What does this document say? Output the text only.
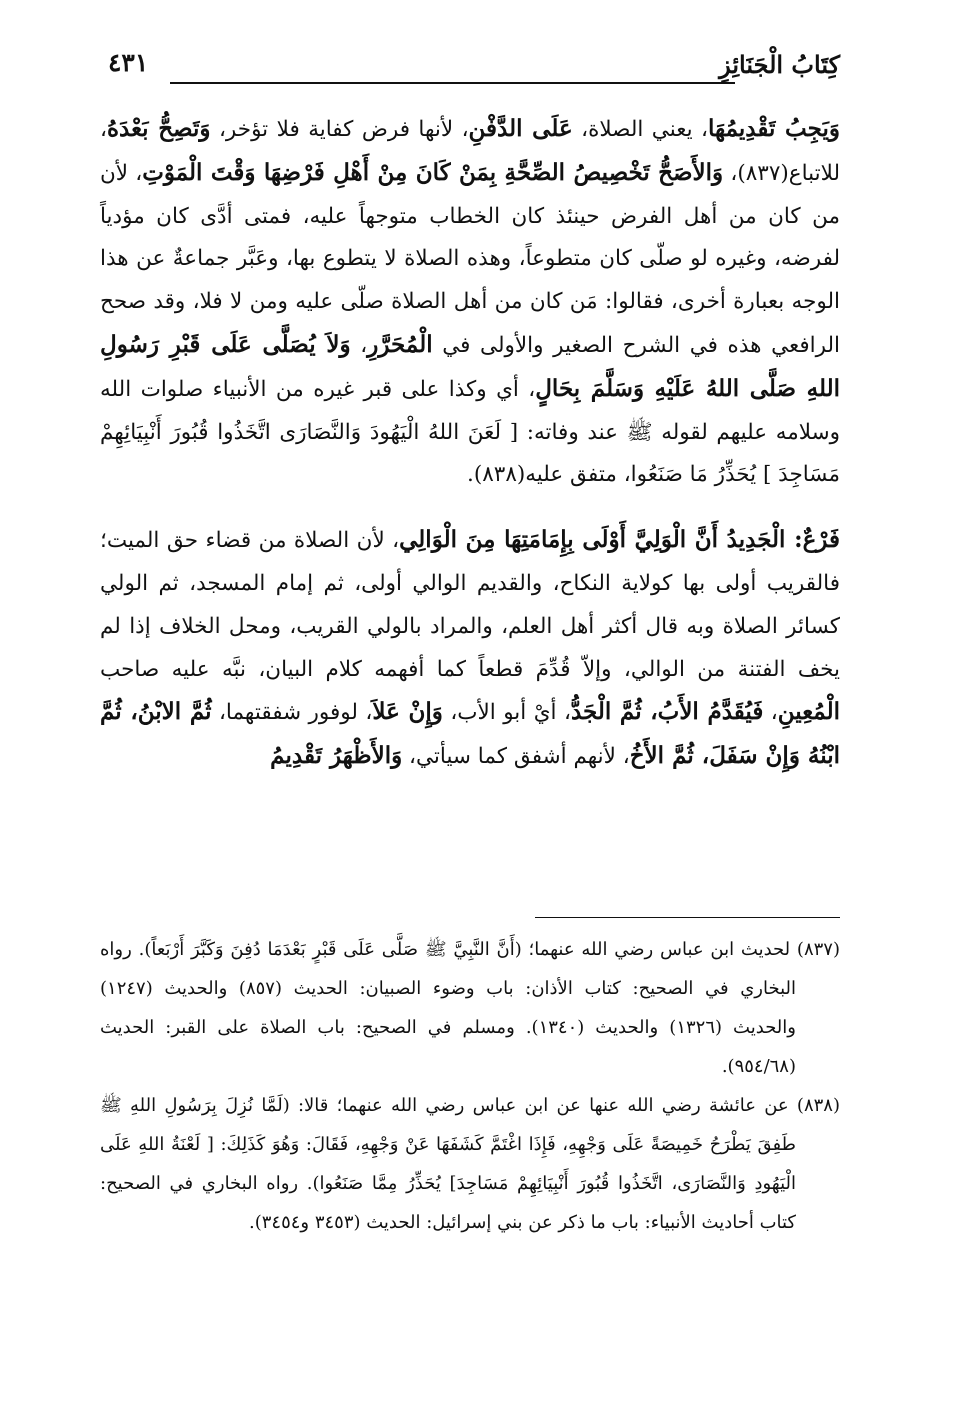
كِتَابُ الْجَنَائِزِ
٤٣١

وَيَجِبُ تَقْدِيمُهَا، يعني الصلاة، عَلَى الدَّفْنِ، لأنها فرض كفاية فلا تؤخر، وَتَصِحُّ بَعْدَهُ، للاتباع(٨٣٧)، وَالأَصَحُّ تَخْصِيصُ الصِّحَّةِ بِمَنْ كَانَ مِنْ أَهْلِ فَرْضِهَا وَقْتَ الْمَوْتِ، لأن من كان من أهل الفرض حينئذ كان الخطاب متوجهاً عليه، فمتى أدَّى كان مؤدياً لفرضه، وغيره لو صلّى كان متطوعاً، وهذه الصلاة لا يتطوع بها، وعَبَّر جماعةٌ عن هذا الوجه بعبارة أخرى، فقالوا: مَن كان من أهل الصلاة صلّى عليه ومن لا فلا، وقد صحح الرافعي هذه في الشرح الصغير والأولى في الْمُحَرَّرِ، وَلاَ يُصَلَّى عَلَى قَبْرِ رَسُولِ اللهِ صَلَّى اللهُ عَلَيْهِ وَسَلَّمَ بِحَالٍ، أي وكذا على قبر غيره من الأنبياء صلوات الله وسلامه عليهم لقوله ﷺ عند وفاته: [ لَعَنَ اللهُ الْيَهُودَ وَالنَّصَارَى اتَّخَذُوا قُبُورَ أَنْبِيَائِهِمْ مَسَاجِدَ ] يُحَذِّرُ مَا صَنَعُوا، متفق عليه(٨٣٨).

فَرْعٌ: الْجَدِيدُ أَنَّ الْوَلِيَّ أَوْلَى بِإِمَامَتِهَا مِنَ الْوَالِي، لأن الصلاة من قضاء حق الميت؛ فالقريب أولى بها كولاية النكاح، والقديم الوالي أولى، ثم إمام المسجد، ثم الولي كسائر الصلاة وبه قال أكثر أهل العلم، والمراد بالولي القريب، ومحل الخلاف إذا لم يخف الفتنة من الوالي، وإلاّ قُدِّمَ قطعاً كما أفهمه كلام البيان، نبَّه عليه صاحب الْمُعِينِ، فَيُقَدَّمُ الأَبُ، ثُمَّ الْجَدُّ، أيْ أبو الأب، وَإِنْ عَلاَ، لوفور شفقتهما، ثُمَّ الابْنُ، ثُمَّ ابْنُهُ وَإِنْ سَفَلَ، ثُمَّ الأَخُ، لأنهم أشفق كما سيأتي، وَالأَظْهَرُ تَقْدِيمُ

(٨٣٧) لحديث ابن عباس رضي الله عنهما؛ (أَنَّ النَّبِيَّ ﷺ صَلَّى عَلَى قَبْرٍ بَعْدَمَا دُفِنَ وَكَبَّرَ أَرْبَعاً). رواه البخاري في الصحيح: كتاب الأذان: باب وضوء الصبيان: الحديث (٨٥٧) والحديث (١٢٤٧) والحديث (١٣٢٦) والحديث (١٣٤٠). ومسلم في الصحيح: باب الصلاة على القبر: الحديث (٩٥٤/٦٨).

(٨٣٨) عن عائشة رضي الله عنها عن ابن عباس رضي الله عنهما؛ قالا: (لَمَّا نُزِلَ بِرَسُولِ اللهِ ﷺ طَفِقَ يَطْرَحُ خَمِيصَةً عَلَى وَجْهِهِ، فَإِذَا اغْتَمَّ كَشَفَهَا عَنْ وَجْهِهِ، فَقَالَ: وَهُوَ كَذَلِكَ: [ لَعْنَةُ اللهِ عَلَى الْيَهُودِ وَالنَّصَارَى، اتَّخَذُوا قُبُورَ أَنْبِيَائِهِمْ مَسَاجِدَ] يُحَذِّرُ مِمَّا صَنَعُوا). رواه البخاري في الصحيح: كتاب أحاديث الأنبياء: باب ما ذكر عن بني إسرائيل: الحديث (٣٤٥٣ و٣٤٥٤).
